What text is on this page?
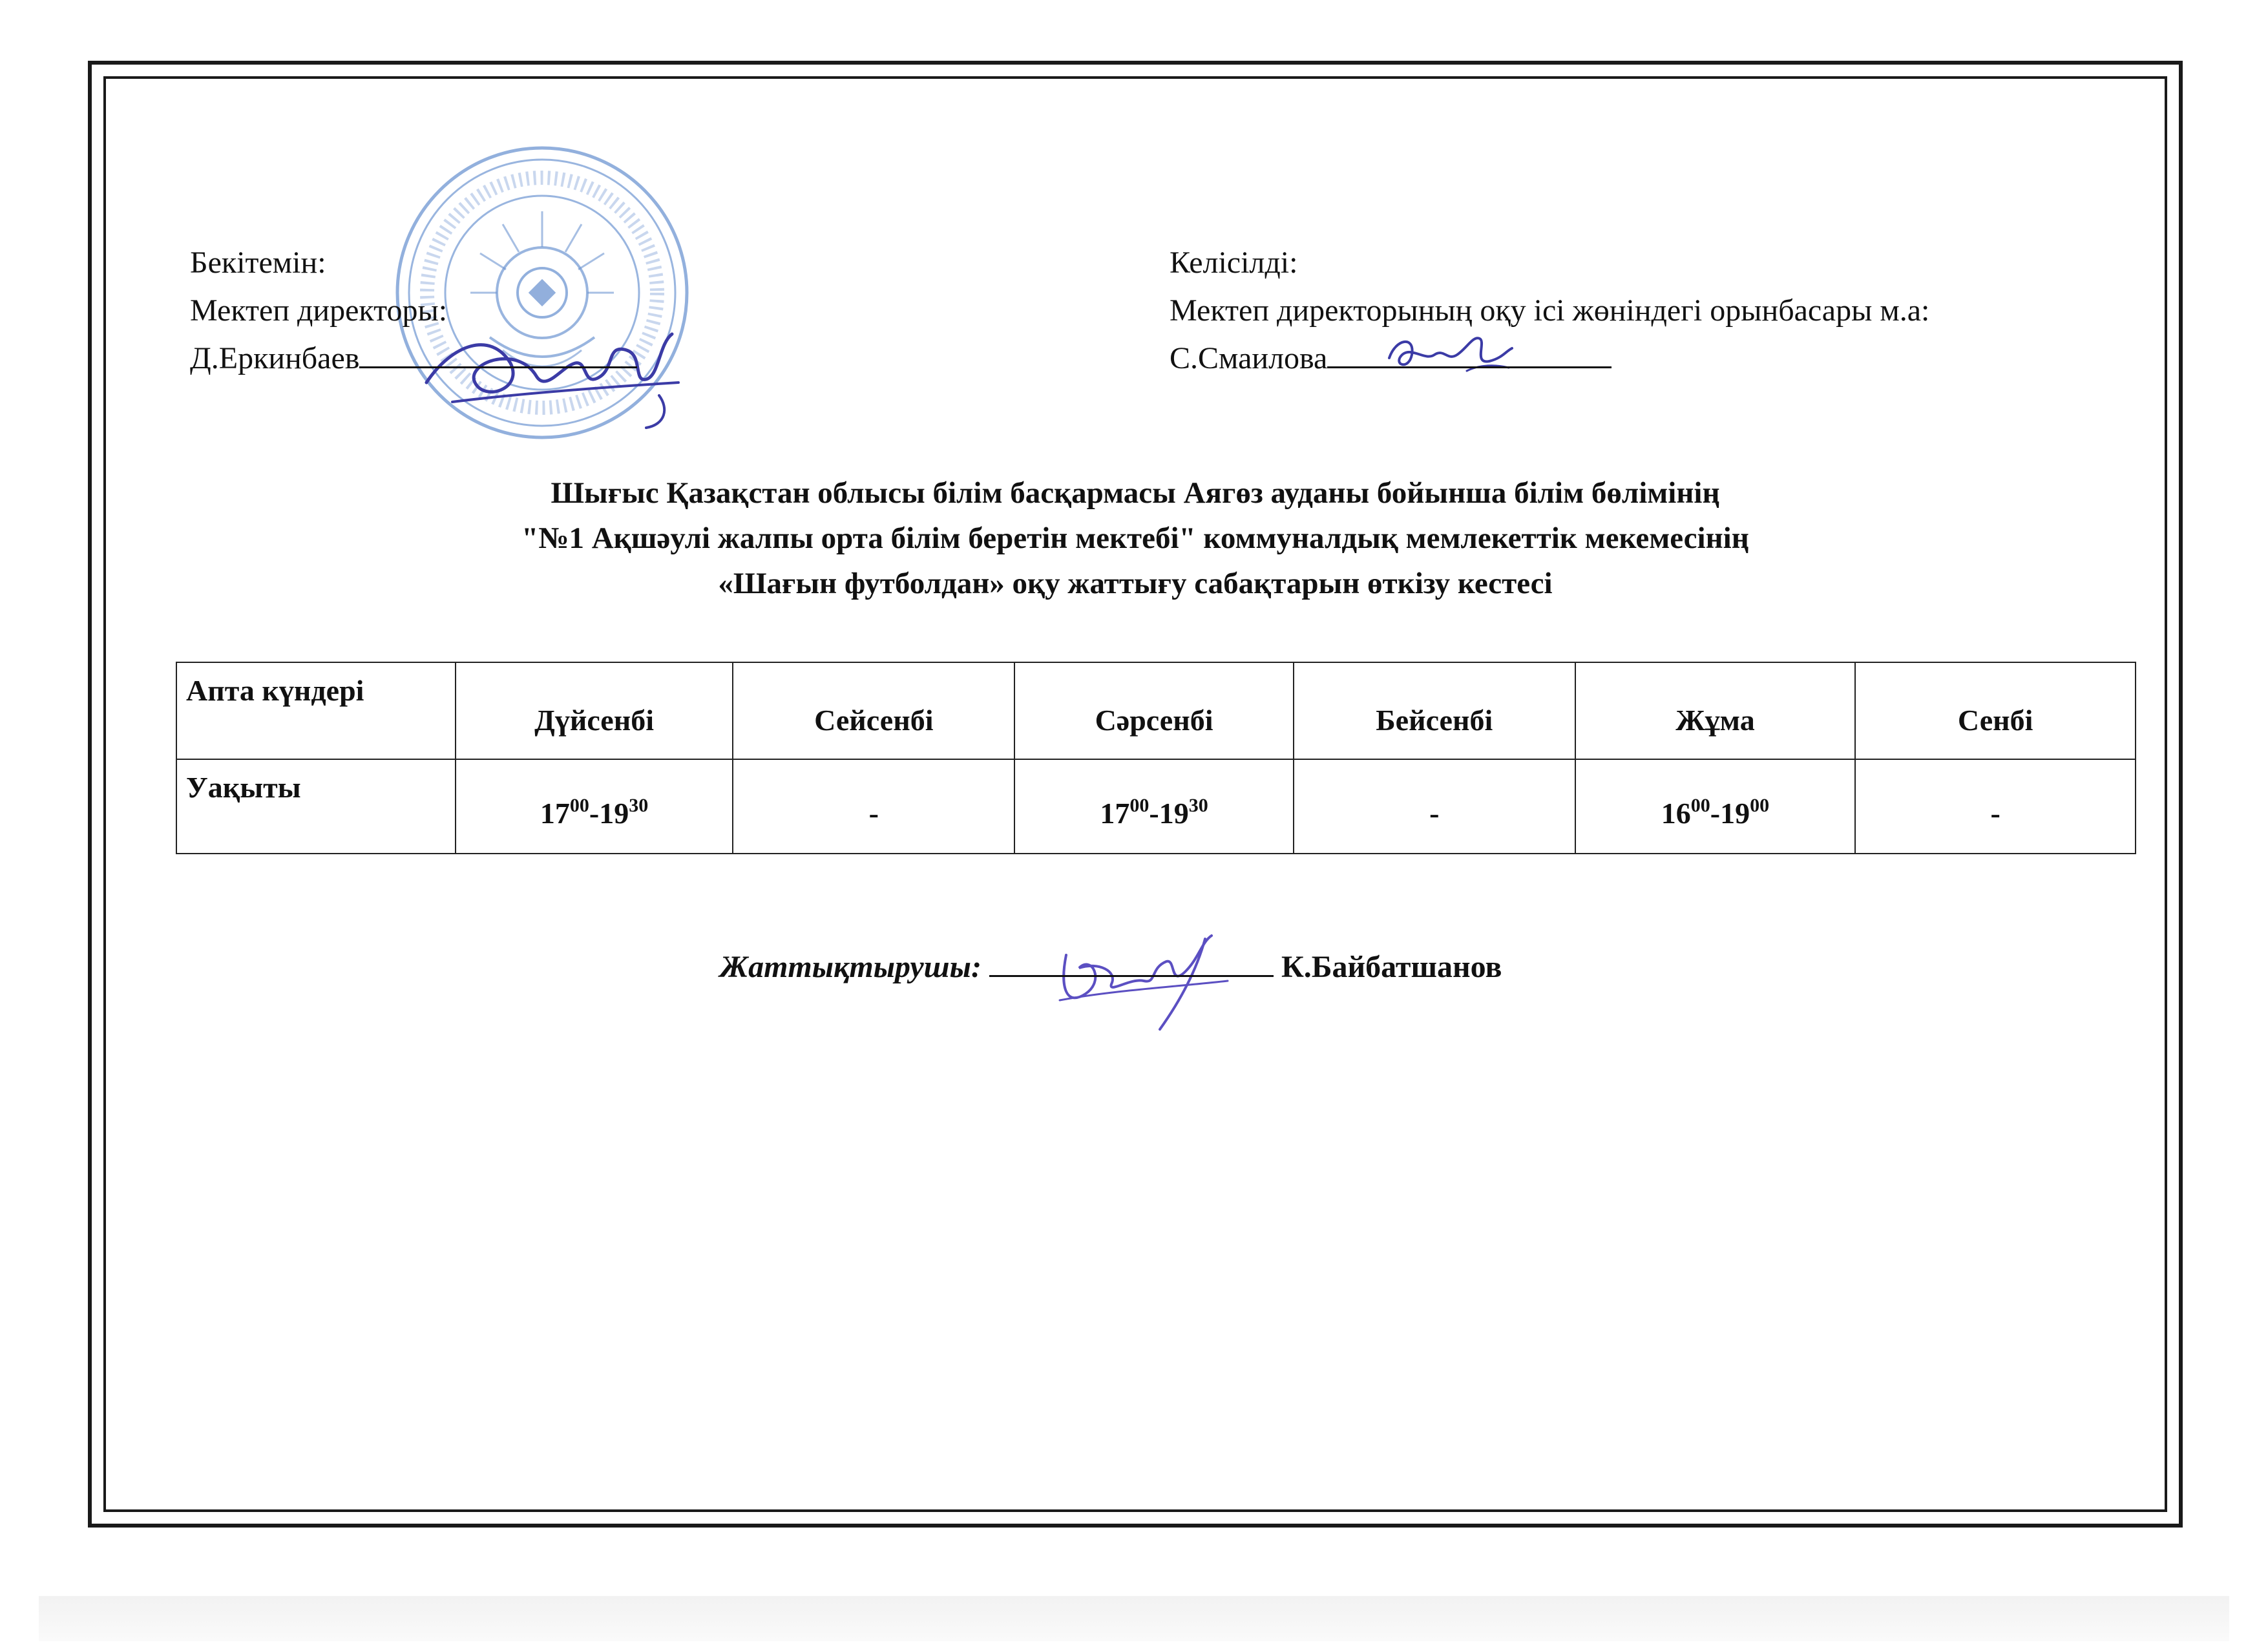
Бекітемін:
Мектеп директоры:
Д.Еркинбаев
Келісілді:
Мектеп директорының оқу ісі жөніндегі орынбасары м.а:
С.Смаилова
Шығыс Қазақстан облысы білім басқармасы Аягөз ауданы бойынша білім бөлімінің
"№1 Ақшәулі жалпы орта білім беретін мектебі" коммуналдық мемлекеттік мекемесінің
«Шағын футболдан» оқу жаттығу сабақтарын өткізу кестесі
Апта күндері	Дүйсенбі	Сейсенбі	Сәрсенбі	Бейсенбі	Жұма	Сенбі
Уақыты	$17^{00}-19^{30}$	-	$17^{00}-19^{30}$	-	$16^{00}-19^{00}$	-
Жаттықтырушы:	К.Байбатшанов
